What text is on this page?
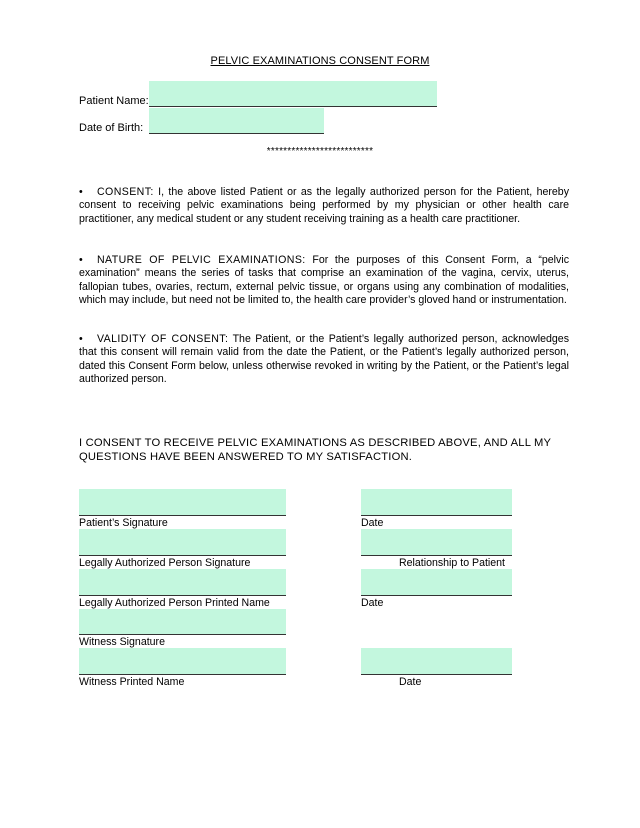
PELVIC EXAMINATIONS CONSENT FORM
Patient Name:
Date of Birth:
**************************
• CONSENT: I, the above listed Patient or as the legally authorized person for the Patient, hereby consent to receiving pelvic examinations being performed by my physician or other health care practitioner, any medical student or any student receiving training as a health care practitioner.
• NATURE OF PELVIC EXAMINATIONS: For the purposes of this Consent Form, a “pelvic examination” means the series of tasks that comprise an examination of the vagina, cervix, uterus, fallopian tubes, ovaries, rectum, external pelvic tissue, or organs using any combination of modalities, which may include, but need not be limited to, the health care provider’s gloved hand or instrumentation.
• VALIDITY OF CONSENT: The Patient, or the Patient’s legally authorized person, acknowledges that this consent will remain valid from the date the Patient, or the Patient’s legally authorized person, dated this Consent Form below, unless otherwise revoked in writing by the Patient, or the Patient’s legal authorized person.
I CONSENT TO RECEIVE PELVIC EXAMINATIONS AS DESCRIBED ABOVE, AND ALL MY QUESTIONS HAVE BEEN ANSWERED TO MY SATISFACTION.
Patient’s Signature	Date
Legally Authorized Person Signature	Relationship to Patient
Legally Authorized Person Printed Name	Date
Witness Signature
Witness Printed Name	Date
